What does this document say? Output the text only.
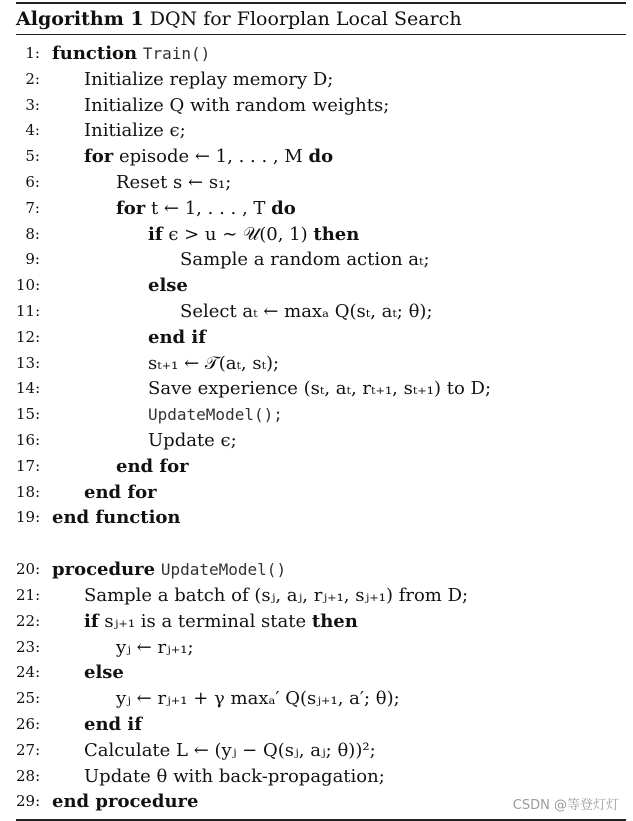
Algorithm 1 DQN for Floorplan Local Search
1: function Train()
2: Initialize replay memory D;
3: Initialize Q with random weights;
4: Initialize ϵ;
5: for episode ← 1, . . . , M do
6:	Reset s ← s₁;
7:	for t ← 1, . . . , T do
8:	if ϵ > u ∼ 𝒰(0, 1) then
9:	Sample a random action aₜ;
10:	else
11:	Select aₜ ← maxₐ Q(sₜ, aₜ; θ);
12:	end if
13:	sₜ₊₁ ← 𝒯(aₜ, sₜ);
14:	Save experience (sₜ, aₜ, rₜ₊₁, sₜ₊₁) to D;
15:	UpdateModel();
16:	Update ϵ;
17:	end for
18: end for
19: end function
20: procedure UpdateModel()
21: Sample a batch of (sⱼ, aⱼ, rⱼ₊₁, sⱼ₊₁) from D;
22: if sⱼ₊₁ is a terminal state then
23:	yⱼ ← rⱼ₊₁;
24: else
25:	yⱼ ← rⱼ₊₁ + γ maxₐ′ Q(sⱼ₊₁, a′; θ);
26: end if
27: Calculate L ← (yⱼ − Q(sⱼ, aⱼ; θ))²;
28: Update θ with back-propagation;
29: end procedure	CSDN @等登灯灯
